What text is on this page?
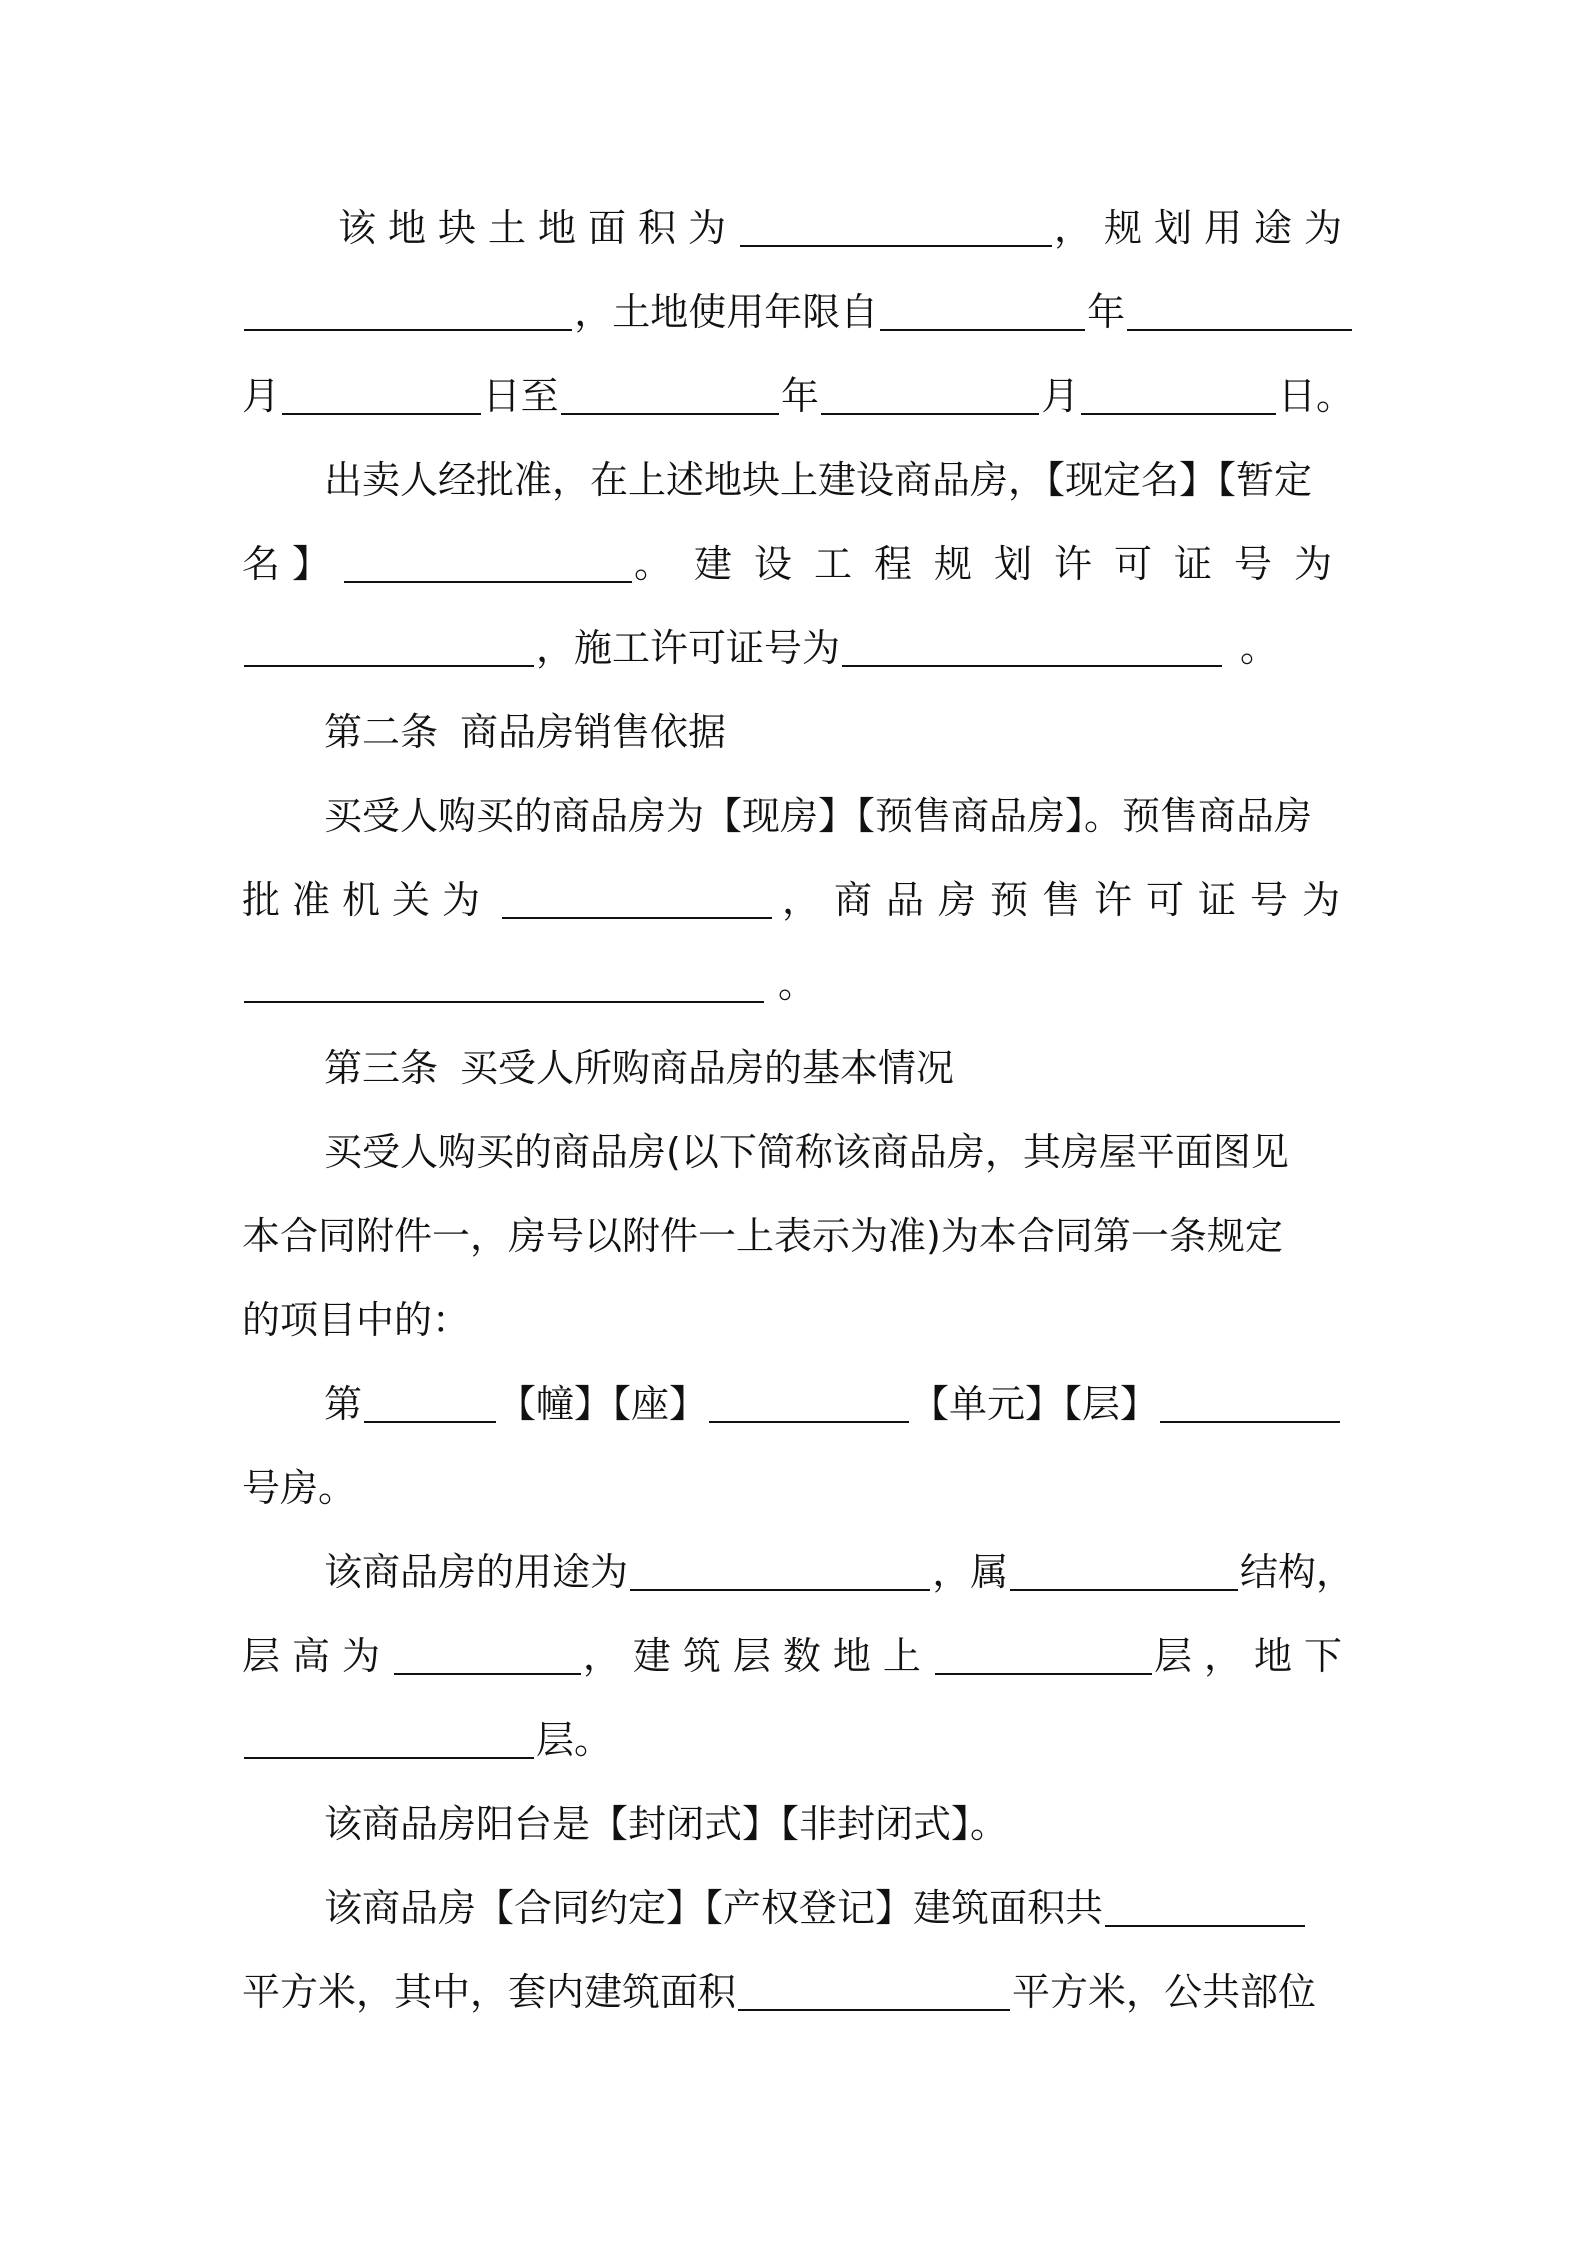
该地块土地面积为	，规划用途为
，土地使用年限自	年
月	日至	年	月	日。
出卖人经批准，在上述地块上建设商品房，【现定名】【暂定
名】	。建设工程规划许可证号为
，施工许可证号为	。
第二条 商品房销售依据
买受人购买的商品房为【现房】【预售商品房】。预售商品房
批准机关为	，商品房预售许可证号为
。
第三条 买受人所购商品房的基本情况
买受人购买的商品房(以下简称该商品房，其房屋平面图见
本合同附件一，房号以附件一上表示为准)为本合同第一条规定
的项目中的：
第	【幢】【座】	【单元】【层】
号房。
该商品房的用途为	，属	结构，
层高为	，建筑层数地上	层，地下
层。
该商品房阳台是【封闭式】【非封闭式】。
该商品房【合同约定】【产权登记】建筑面积共
平方米，其中，套内建筑面积	平方米，公共部位
